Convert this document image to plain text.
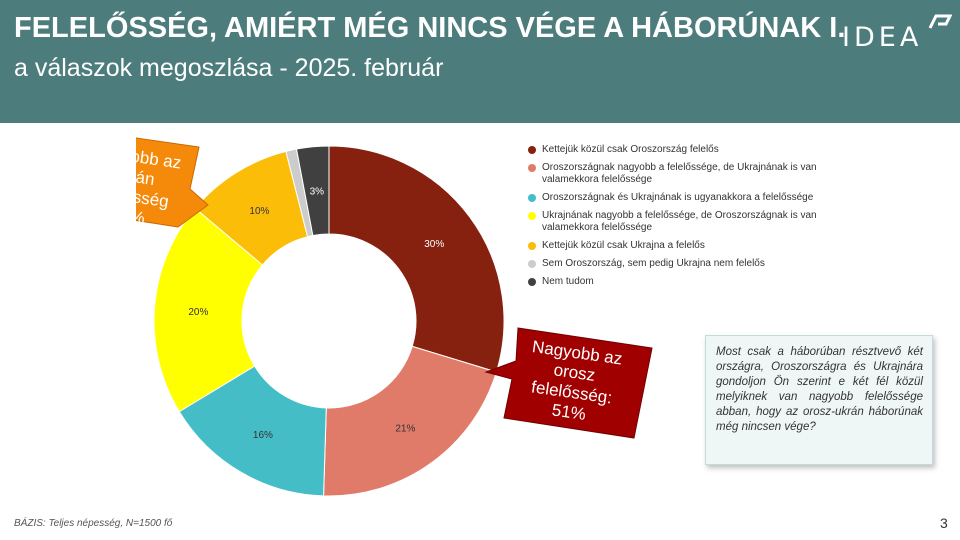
FELELŐSSÉG, AMIÉRT MÉG NINCS VÉGE A HÁBORÚNAK I.
a válaszok megoszlása - 2025. február
IDEA
30%
21%
16%
20%
10%
3%
Kettejük közül csak Oroszország felelős
Oroszországnak nagyobb a felelőssége, de Ukrajnának is van valamekkora felelőssége
Oroszországnak és Ukrajnának is ugyanakkora a felelőssége
Ukrajnának nagyobb a felelőssége, de Oroszországnak is van valamekkora felelőssége
Kettejük közül csak Ukrajna a felelős
Sem Oroszország, sem pedig Ukrajna nem felelős
Nem tudom
Nagyobb az ukrán felelősség 30%
Nagyobb az orosz felelősség: 51%
Most csak a háborúban résztvevő két országra, Oroszországra és Ukrajnára gondoljon Ön szerint e két fél közül melyiknek van nagyobb felelőssége abban, hogy az orosz-ukrán háborúnak még nincsen vége?
BÁZIS: Teljes népesség, N=1500 fő	3
